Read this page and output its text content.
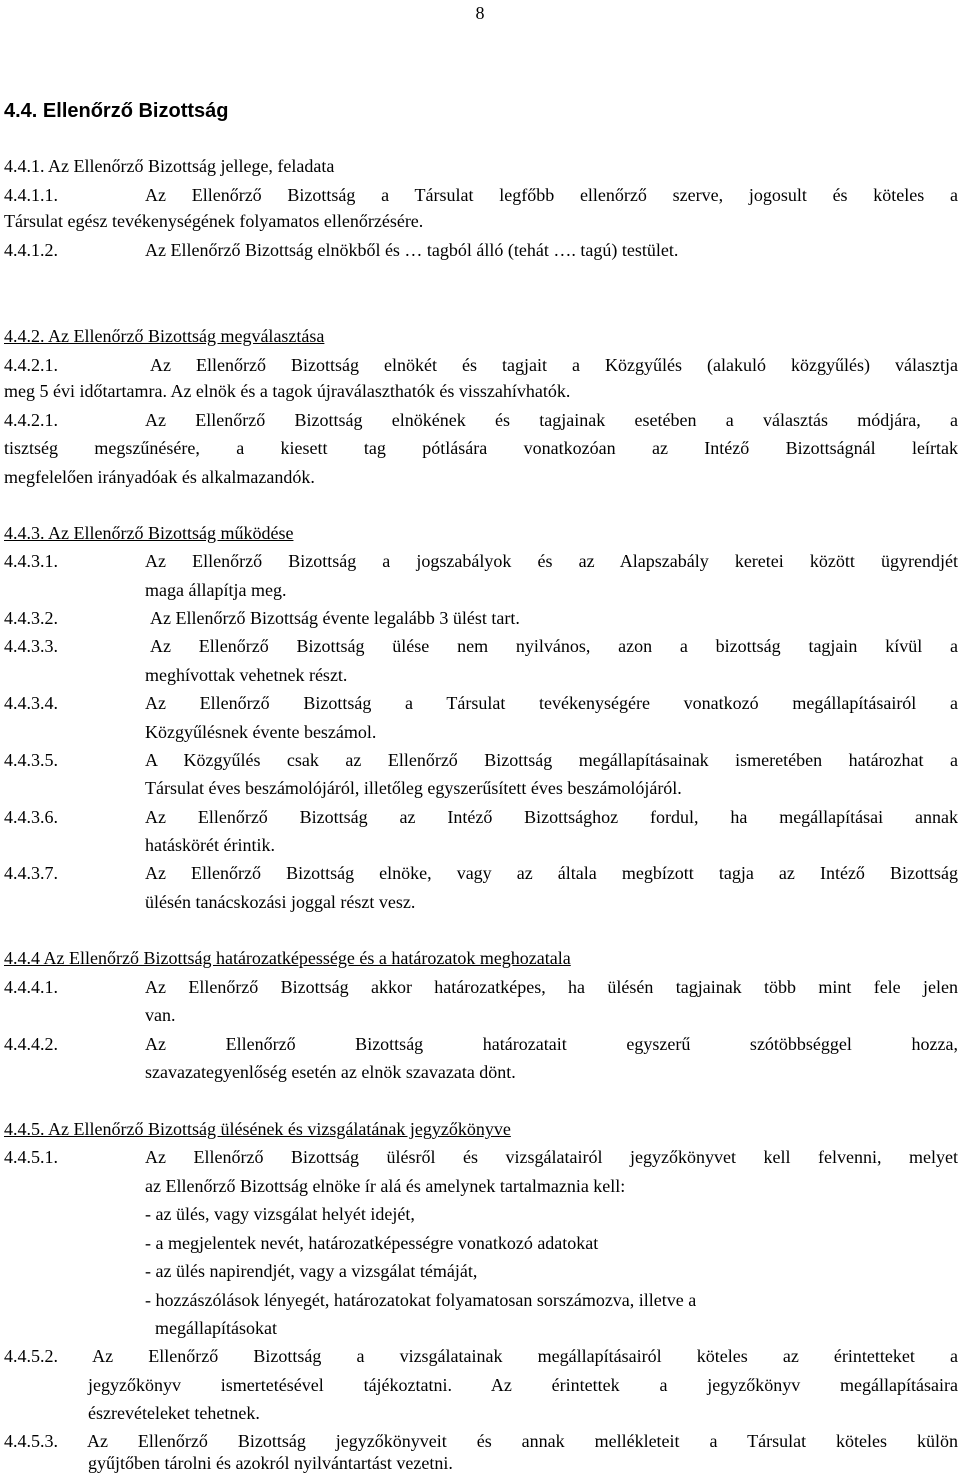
8
4.4. Ellenőrző Bizottság
4.4.1. Az Ellenőrző Bizottság jellege, feladata
4.4.1.1.	Az Ellenőrző Bizottság a Társulat legfőbb ellenőrző szerve, jogosult és köteles a
Társulat egész tevékenységének folyamatos ellenőrzésére.
4.4.1.2.	Az Ellenőrző Bizottság elnökből és … tagból álló (tehát …. tagú) testület.
4.4.2. Az Ellenőrző Bizottság megválasztása
4.4.2.1.	Az Ellenőrző Bizottság elnökét és tagjait a Közgyűlés (alakuló közgyűlés) választja
meg 5 évi időtartamra. Az elnök és a tagok újraválaszthatók és visszahívhatók.
4.4.2.1.	Az Ellenőrző Bizottság elnökének és tagjainak esetében a választás módjára, a
tisztség megszűnésére, a kiesett tag pótlására vonatkozóan az Intéző Bizottságnál leírtak
megfelelően irányadóak és alkalmazandók.
4.4.3. Az Ellenőrző Bizottság működése
4.4.3.1.	Az Ellenőrző Bizottság a jogszabályok és az Alapszabály keretei között ügyrendjét
maga állapítja meg.
4.4.3.2.	Az Ellenőrző Bizottság évente legalább 3 ülést tart.
4.4.3.3.	Az Ellenőrző Bizottság ülése nem nyilvános, azon a bizottság tagjain kívül a
meghívottak vehetnek részt.
4.4.3.4.	Az Ellenőrző Bizottság a Társulat tevékenységére vonatkozó megállapításairól a
Közgyűlésnek évente beszámol.
4.4.3.5.	A Közgyűlés csak az Ellenőrző Bizottság megállapításainak ismeretében határozhat a
Társulat éves beszámolójáról, illetőleg egyszerűsített éves beszámolójáról.
4.4.3.6.	Az Ellenőrző Bizottság az Intéző Bizottsághoz fordul, ha megállapításai annak
hatáskörét érintik.
4.4.3.7.	Az Ellenőrző Bizottság elnöke, vagy az általa megbízott tagja az Intéző Bizottság
ülésén tanácskozási joggal részt vesz.
4.4.4 Az Ellenőrző Bizottság határozatképessége és a határozatok meghozatala
4.4.4.1.	Az Ellenőrző Bizottság akkor határozatképes, ha ülésén tagjainak több mint fele jelen
van.
4.4.4.2.	Az Ellenőrző Bizottság határozatait egyszerű szótöbbséggel hozza,
szavazategyenlőség esetén az elnök szavazata dönt.
4.4.5. Az Ellenőrző Bizottság ülésének és vizsgálatának jegyzőkönyve
4.4.5.1.	Az Ellenőrző Bizottság ülésről és vizsgálatairól jegyzőkönyvet kell felvenni, melyet
az Ellenőrző Bizottság elnöke ír alá és amelynek tartalmaznia kell:
- az ülés, vagy vizsgálat helyét idejét,
- a megjelentek nevét, határozatképességre vonatkozó adatokat
- az ülés napirendjét, vagy a vizsgálat témáját,
- hozzászólások lényegét, határozatokat folyamatosan sorszámozva, illetve a
megállapításokat
4.4.5.2. Az Ellenőrző Bizottság a vizsgálatainak megállapításairól köteles az érintetteket a
jegyzőkönyv ismertetésével tájékoztatni. Az érintettek a jegyzőkönyv megállapításaira
észrevételeket tehetnek.
4.4.5.3. Az Ellenőrző Bizottság jegyzőkönyveit és annak mellékleteit a Társulat köteles külön
gyűjtőben tárolni és azokról nyilvántartást vezetni.
